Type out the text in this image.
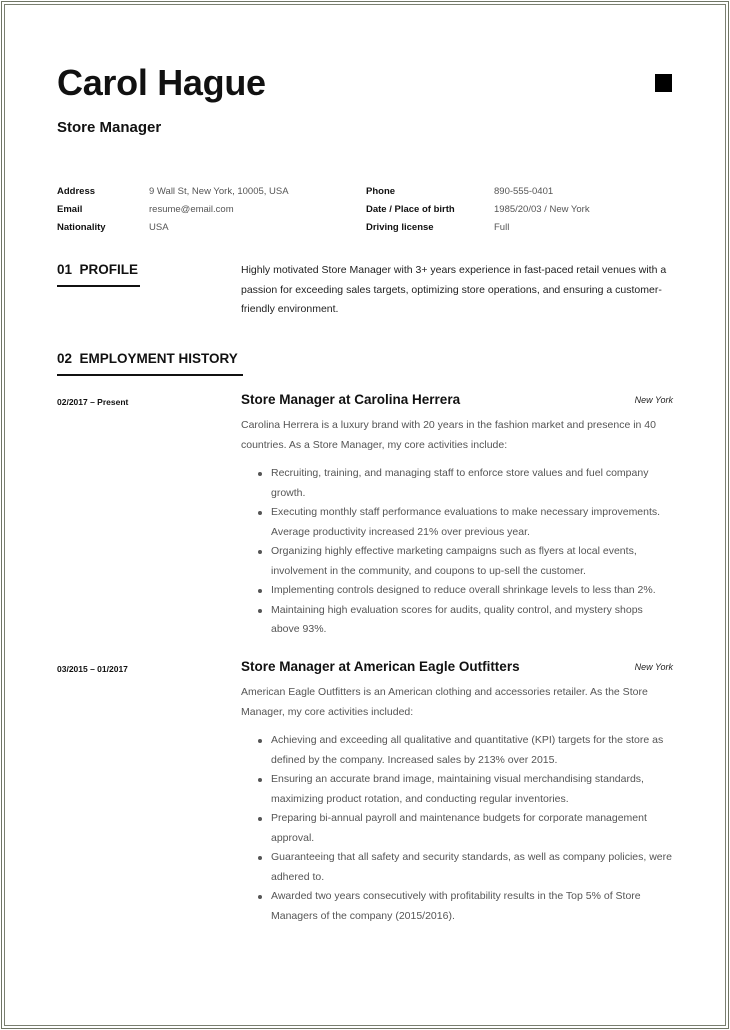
Carol Hague
Store Manager
Address	9 Wall St, New York, 10005, USA
Email	resume@email.com
Nationality	USA
Phone	890-555-0401
Date / Place of birth	1985/20/03 / New York
Driving license	Full
01  PROFILE	Highly motivated Store Manager with 3+ years experience in fast-paced retail venues with a passion for exceeding sales targets, optimizing store operations, and ensuring a customer-friendly environment.
02  EMPLOYMENT HISTORY
02/2017 – Present	Store Manager at Carolina Herrera	New York
Carolina Herrera is a luxury brand with 20 years in the fashion market and presence in 40 countries. As a Store Manager, my core activities include:
Recruiting, training, and managing staff to enforce store values and fuel company growth.
Executing monthly staff performance evaluations to make necessary improvements. Average productivity increased 21% over previous year.
Organizing highly effective marketing campaigns such as flyers at local events, involvement in the community, and coupons to up-sell the customer.
Implementing controls designed to reduce overall shrinkage levels to less than 2%.
Maintaining high evaluation scores for audits, quality control, and mystery shops above 93%.
03/2015 – 01/2017	Store Manager at American Eagle Outfitters	New York
American Eagle Outfitters is an American clothing and accessories retailer. As the Store Manager, my core activities included:
Achieving and exceeding all qualitative and quantitative (KPI) targets for the store as defined by the company. Increased sales by 213% over 2015.
Ensuring an accurate brand image, maintaining visual merchandising standards, maximizing product rotation, and conducting regular inventories.
Preparing bi-annual payroll and maintenance budgets for corporate management approval.
Guaranteeing that all safety and security standards, as well as company policies, were adhered to.
Awarded two years consecutively with profitability results in the Top 5% of Store Managers of the company (2015/2016).
